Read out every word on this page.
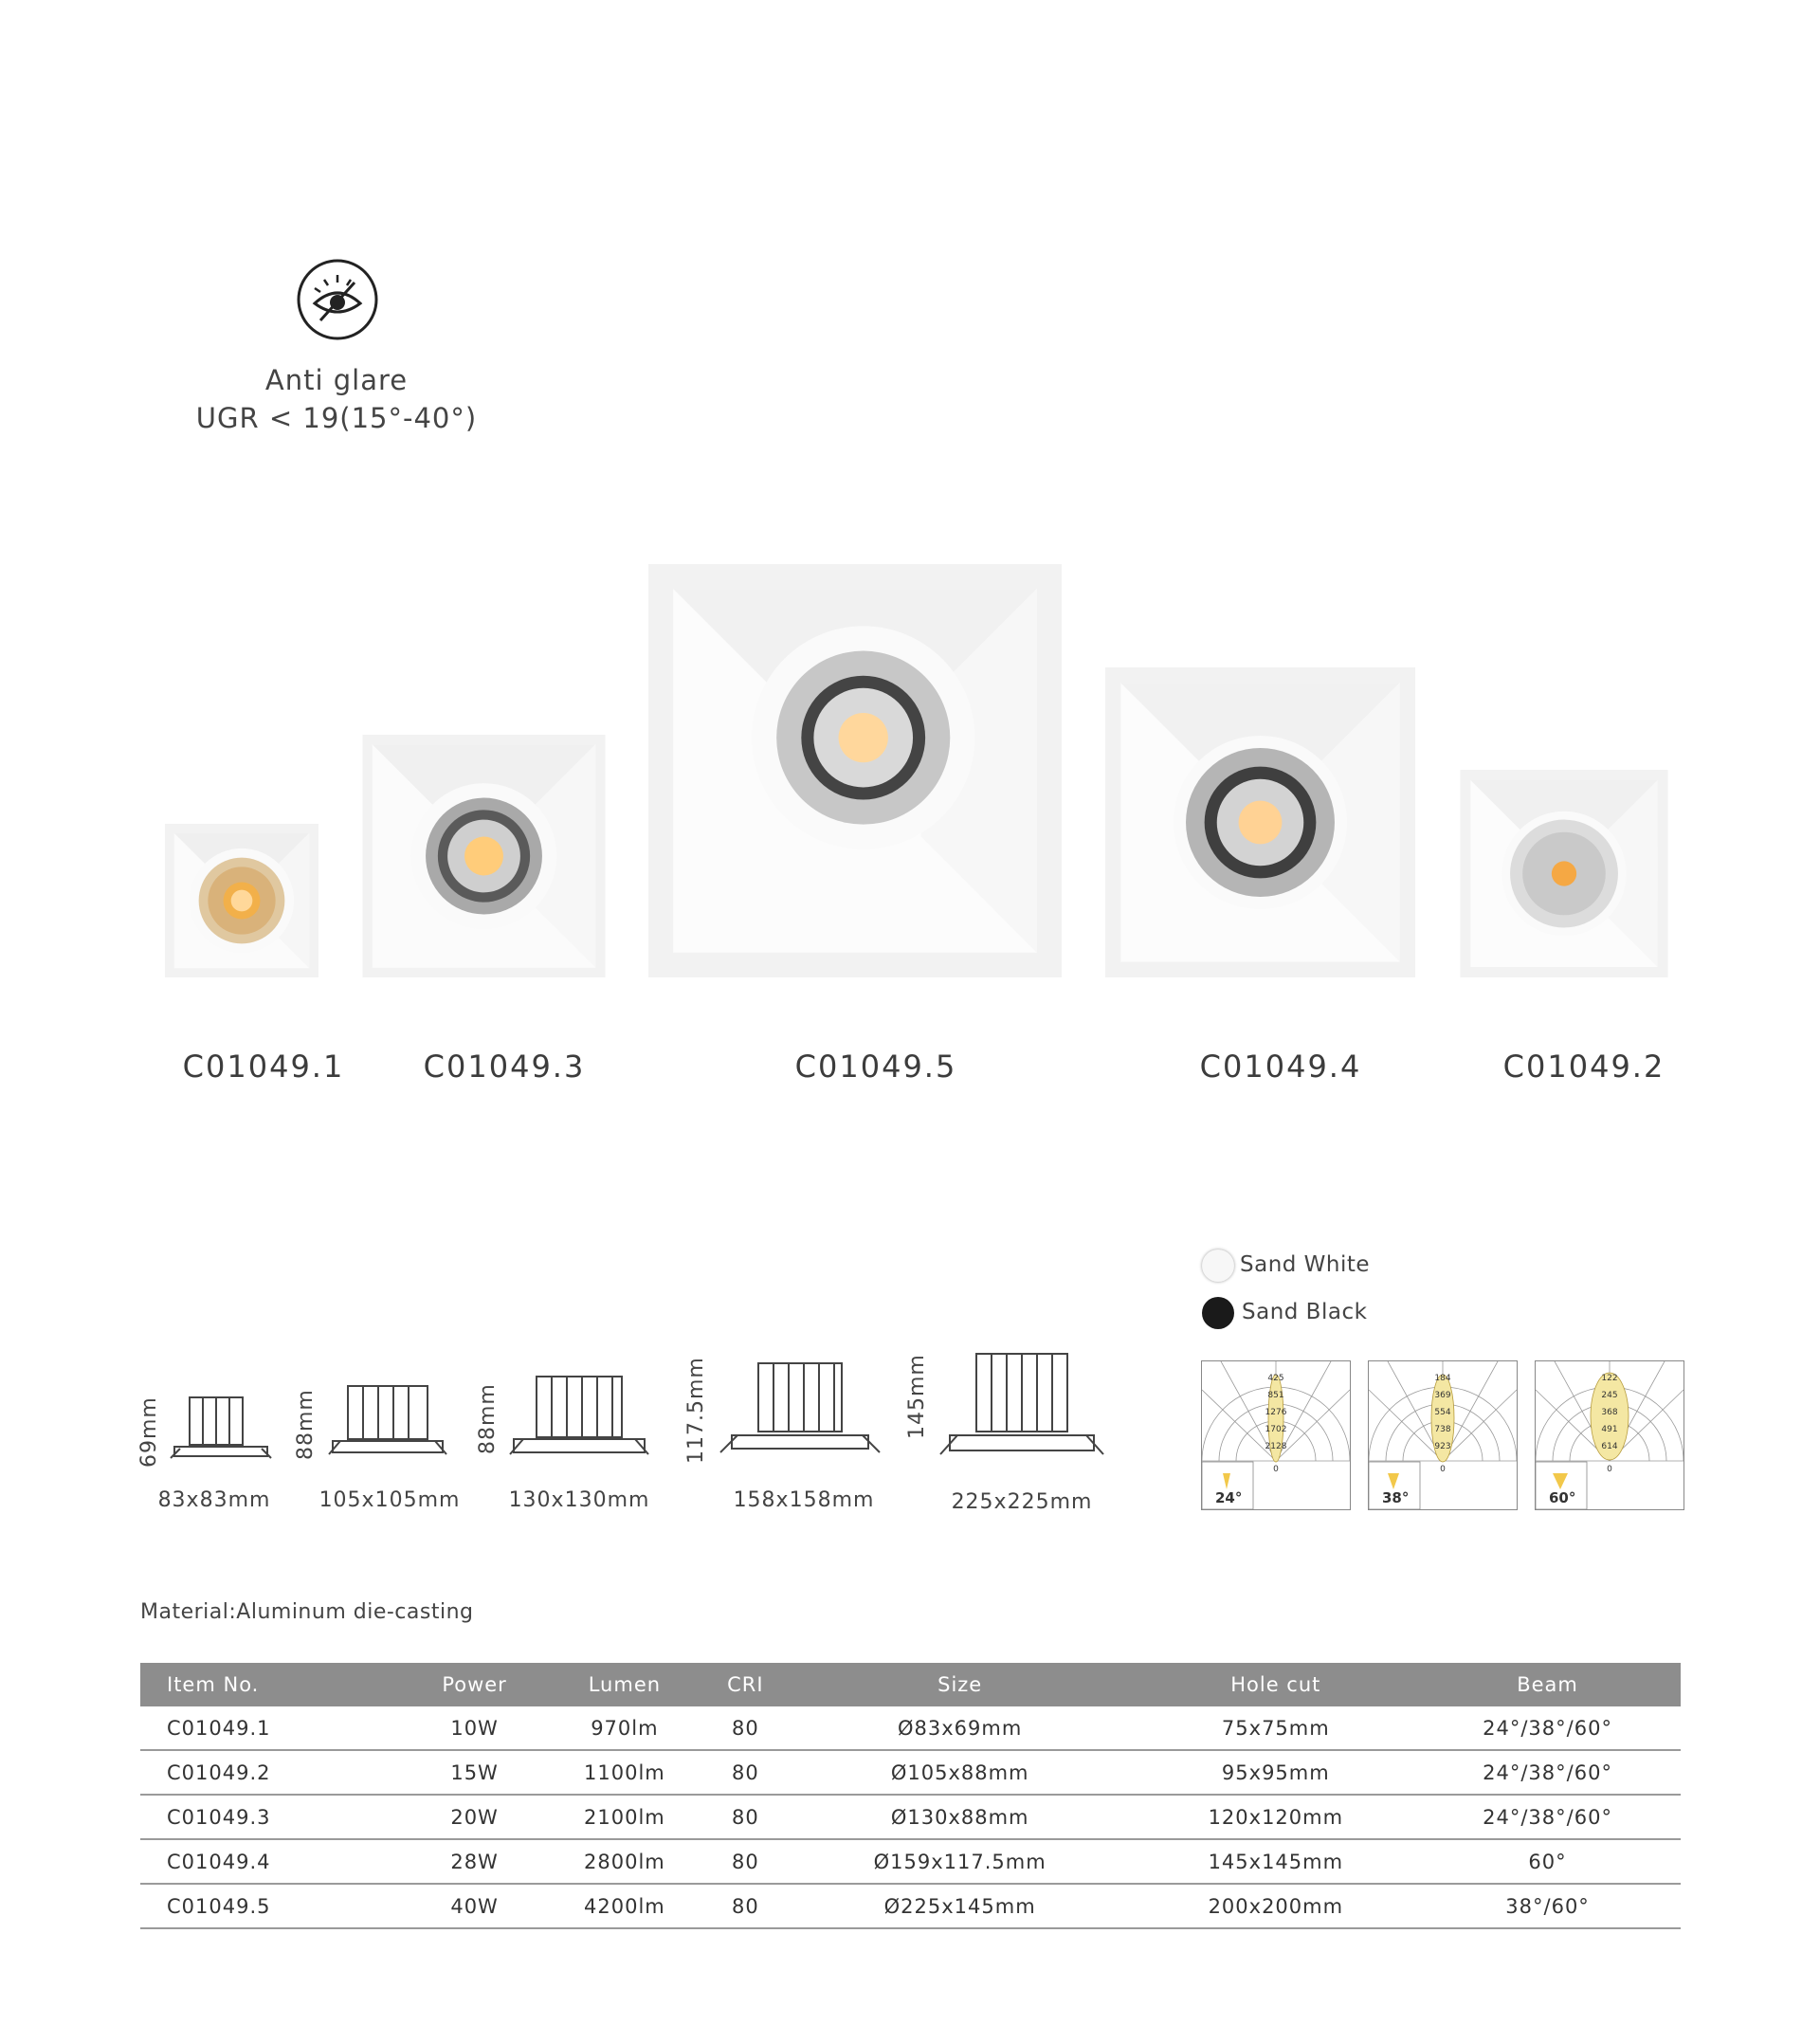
Anti glare
UGR < 19(15°-40°)
C01049.1	C01049.3	C01049.5	C01049.4	C01049.2
69mm	88mm	88mm	117.5mm	145mm
83x83mm	105x105mm	130x130mm	158x158mm	225x225mm
Sand White
Sand Black
425
851
1276
1702
2128
0
24°
184
369
554
738
923
0
38°
122
245
368
491
614
0
60°
Material:Aluminum die-casting
Item No.	Power	Lumen	CRI	Size	Hole cut	Beam
C01049.1	10W	970lm	80	Ø83x69mm	75x75mm	24°/38°/60°
C01049.2	15W	1100lm	80	Ø105x88mm	95x95mm	24°/38°/60°
C01049.3	20W	2100lm	80	Ø130x88mm	120x120mm	24°/38°/60°
C01049.4	28W	2800lm	80	Ø159x117.5mm	145x145mm	60°
C01049.5	40W	4200lm	80	Ø225x145mm	200x200mm	38°/60°
